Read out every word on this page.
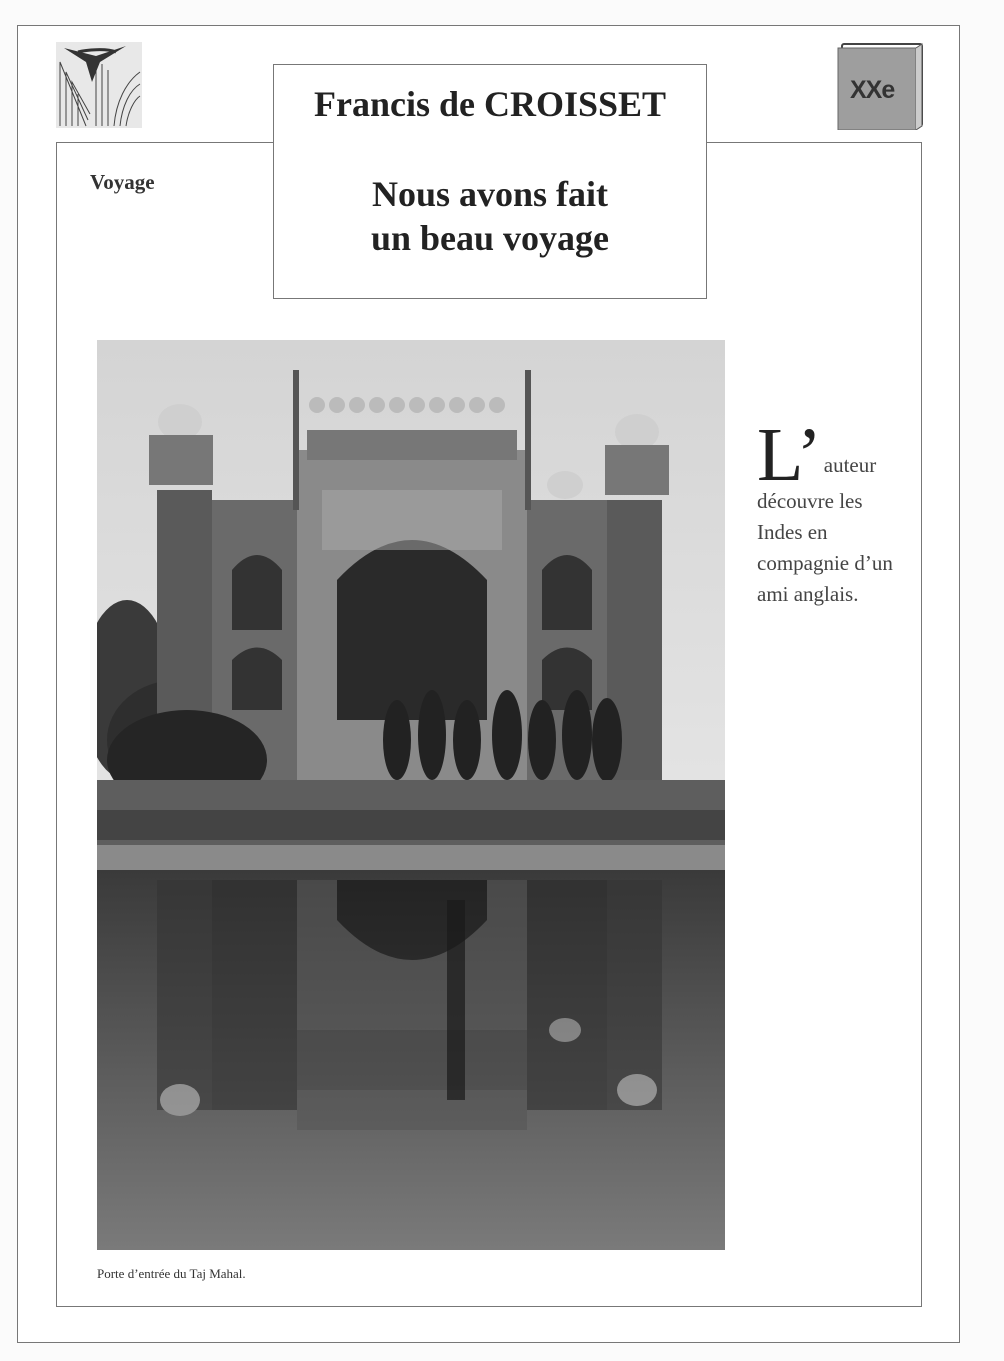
XXe
Francis de CROISSET
Nous avons fait
un beau voyage
Voyage
Porte d’entrée du Taj Mahal.
L’ auteur
découvre les Indes en compagnie d’un ami anglais.
